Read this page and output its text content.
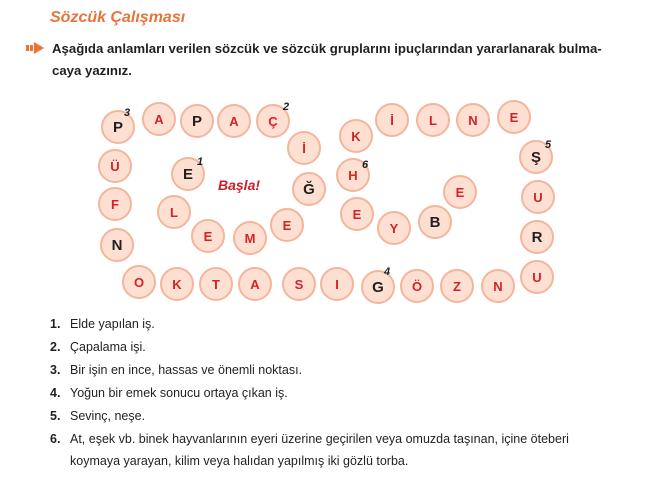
Sözcük Çalışması
Aşağıda anlamları verilen sözcük ve sözcük gruplarını ipuçlarından yararlanarak bulma-caya yazınız.
P A P A Ç
İ
Ğ
E
M
E
L
E
Ü
F
N
O K T A	S I G Ö Z N
U
R
U
Ş
E
N
L
İ
K
H
E
Y B
E
3	2
1	6
5
4
Başla!
1. Elde yapılan iş.
2. Çapalama işi.
3. Bir işin en ince, hassas ve önemli noktası.
4. Yoğun bir emek sonucu ortaya çıkan iş.
5. Sevinç, neşe.
6. At, eşek vb. binek hayvanlarının eyeri üzerine geçirilen veya omuzda taşınan, içine öteberi koymaya yarayan, kilim veya halıdan yapılmış iki gözlü torba.
